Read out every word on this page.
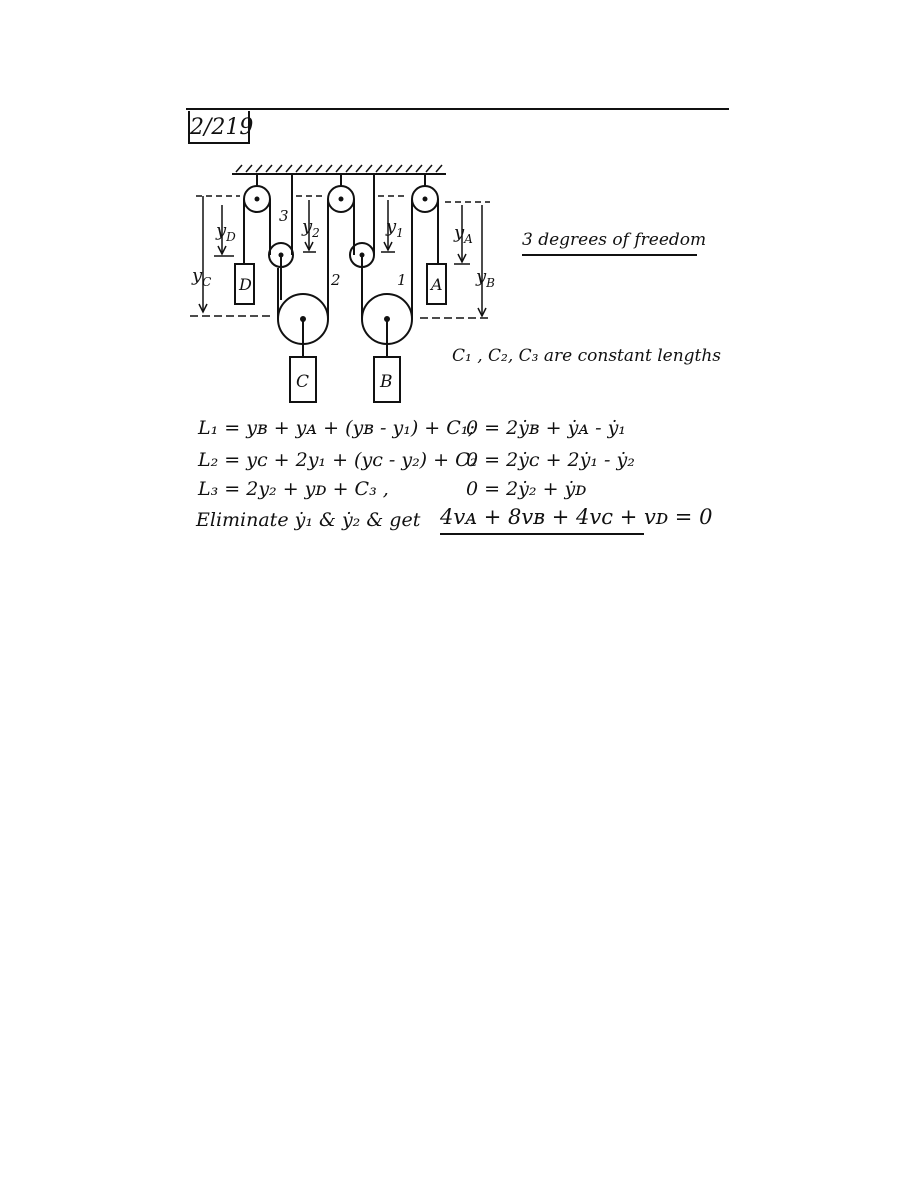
2/219
D	A
C	B
3
2	1
$y_C$
$y_D$	$y_2$	$y_1$	$y_A$
$y_B$
3 degrees of freedom
C₁ , C₂, C₃ are constant lengths
L₁ = yʙ + yᴀ + (yʙ - y₁) + C₁;
L₂ = yᴄ + 2y₁ + (yᴄ - y₂) + C₂
L₃ = 2y₂ + yᴅ + C₃ ,
Eliminate ẏ₁ & ẏ₂ & get
0 = 2ẏʙ + ẏᴀ - ẏ₁
0 = 2ẏᴄ + 2ẏ₁ - ẏ₂
0 = 2ẏ₂ + ẏᴅ
4vᴀ + 8vʙ + 4vᴄ + vᴅ = 0
